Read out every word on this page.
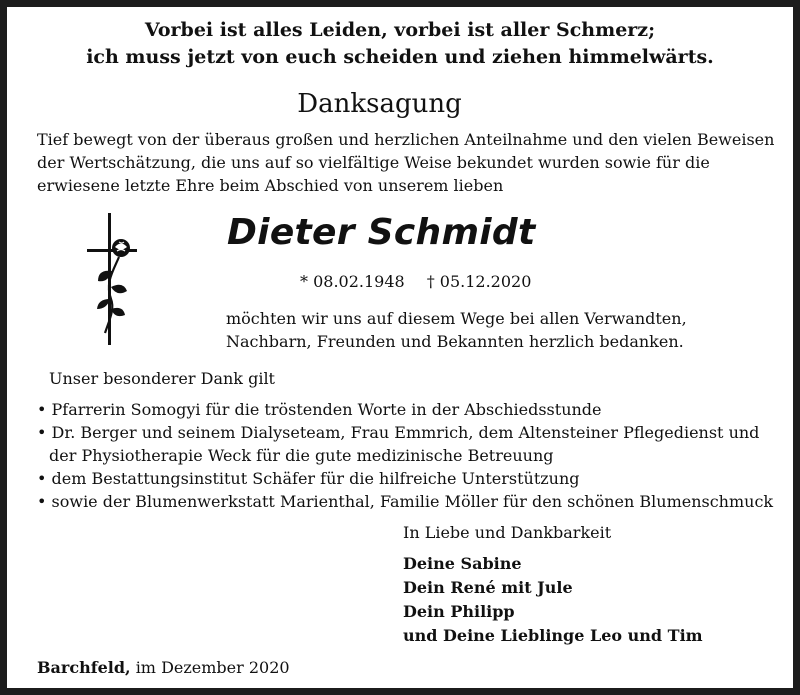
Vorbei ist alles Leiden, vorbei ist aller Schmerz;
ich muss jetzt von euch scheiden und ziehen himmelwärts.
Danksagung
Tief bewegt von der überaus großen und herzlichen Anteilnahme und den vielen Beweisen
der Wertschätzung, die uns auf so vielfältige Weise bekundet wurden sowie für die
erwiesene letzte Ehre beim Abschied von unserem lieben
Dieter Schmidt
* 08.02.1948 † 05.12.2020
möchten wir uns auf diesem Wege bei allen Verwandten,
Nachbarn, Freunden und Bekannten herzlich bedanken.
Unser besonderer Dank gilt
• Pfarrerin Somogyi für die tröstenden Worte in der Abschiedsstunde
• Dr. Berger und seinem Dialyseteam, Frau Emmrich, dem Altensteiner Pflegedienst und
der Physiotherapie Weck für die gute medizinische Betreuung
• dem Bestattungsinstitut Schäfer für die hilfreiche Unterstützung
• sowie der Blumenwerkstatt Marienthal, Familie Möller für den schönen Blumenschmuck
In Liebe und Dankbarkeit
Deine Sabine
Dein René mit Jule
Dein Philipp
und Deine Lieblinge Leo und Tim
Barchfeld, im Dezember 2020
